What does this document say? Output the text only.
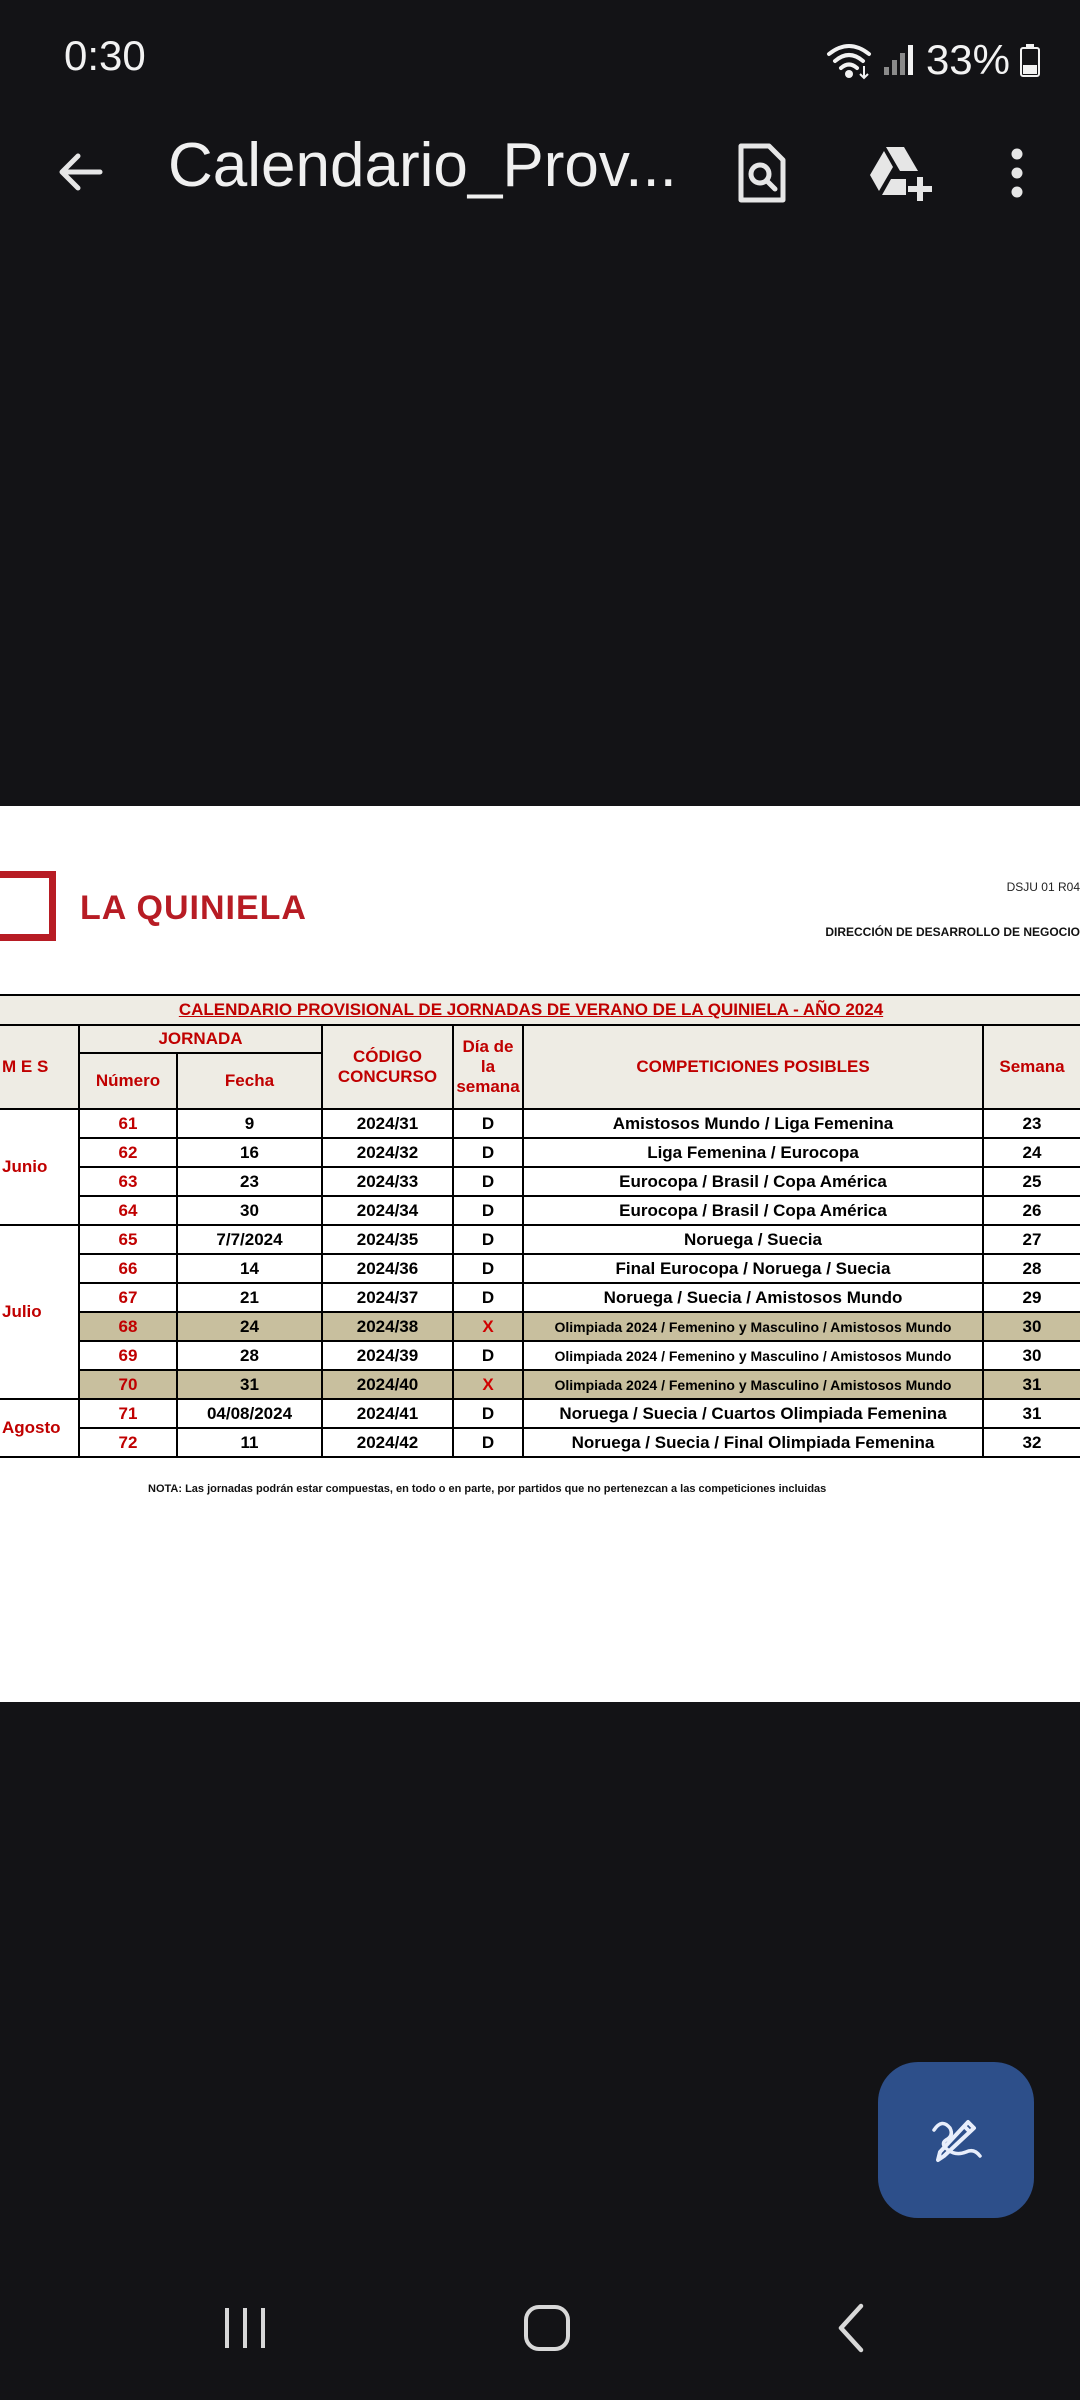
0:30	33%
Calendario_Prov...
LA QUINIELA
DSJU 01 R04
DIRECCIÓN DE DESARROLLO DE NEGOCIO
CALENDARIO PROVISIONAL DE JORNADAS DE VERANO DE LA QUINIELA - AÑO 2024						
M E S	JORNADA		CÓDIGO CONCURSO	Día de la semana	COMPETICIONES POSIBLES	Semana
	Número	Fecha				
Junio	61	9	2024/31	D	Amistosos Mundo / Liga Femenina	23
	62	16	2024/32	D	Liga Femenina / Eurocopa	24
	63	23	2024/33	D	Eurocopa / Brasil / Copa América	25
	64	30	2024/34	D	Eurocopa / Brasil / Copa América	26
Julio	65	7/7/2024	2024/35	D	Noruega / Suecia	27
	66	14	2024/36	D	Final Eurocopa / Noruega / Suecia	28
	67	21	2024/37	D	Noruega / Suecia / Amistosos Mundo	29
	68	24	2024/38	X	Olimpiada 2024 / Femenino y Masculino / Amistosos Mundo	30
	69	28	2024/39	D	Olimpiada 2024 / Femenino y Masculino / Amistosos Mundo	30
	70	31	2024/40	X	Olimpiada 2024 / Femenino y Masculino / Amistosos Mundo	31
Agosto	71	04/08/2024	2024/41	D	Noruega / Suecia / Cuartos Olimpiada Femenina	31
	72	11	2024/42	D	Noruega / Suecia / Final Olimpiada Femenina	32
NOTA: Las jornadas podrán estar compuestas, en todo o en parte, por partidos que no pertenezcan a las competiciones incluidas
